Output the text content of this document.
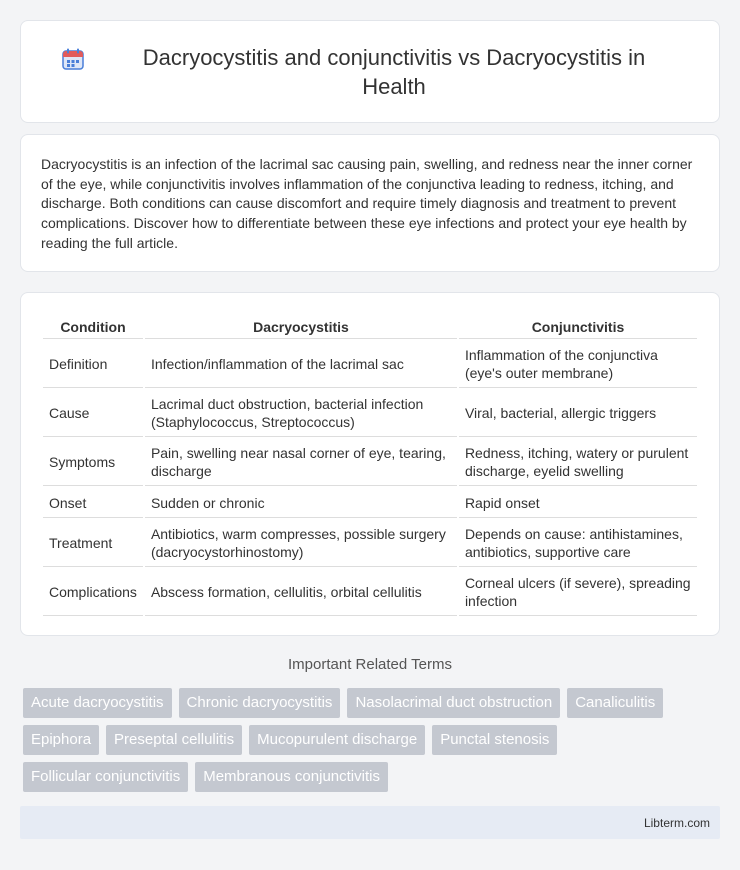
Dacryocystitis and conjunctivitis vs Dacryocystitis in Health

Dacryocystitis is an infection of the lacrimal sac causing pain, swelling, and redness near the inner corner of the eye, while conjunctivitis involves inflammation of the conjunctiva leading to redness, itching, and discharge. Both conditions can cause discomfort and require timely diagnosis and treatment to prevent complications. Discover how to differentiate between these eye infections and protect your eye health by reading the full article.

Condition	Dacryocystitis	Conjunctivitis
Definition	Infection/inflammation of the lacrimal sac	Inflammation of the conjunctiva (eye's outer membrane)
Cause	Lacrimal duct obstruction, bacterial infection (Staphylococcus, Streptococcus)	Viral, bacterial, allergic triggers
Symptoms	Pain, swelling near nasal corner of eye, tearing, discharge	Redness, itching, watery or purulent discharge, eyelid swelling
Onset	Sudden or chronic	Rapid onset
Treatment	Antibiotics, warm compresses, possible surgery (dacryocystorhinostomy)	Depends on cause: antihistamines, antibiotics, supportive care
Complications	Abscess formation, cellulitis, orbital cellulitis	Corneal ulcers (if severe), spreading infection
Important Related Terms
Acute dacryocystitis	Chronic dacryocystitis	Nasolacrimal duct obstruction	Canaliculitis
Epiphora	Preseptal cellulitis	Mucopurulent discharge	Punctal stenosis
Follicular conjunctivitis	Membranous conjunctivitis
Libterm.com
